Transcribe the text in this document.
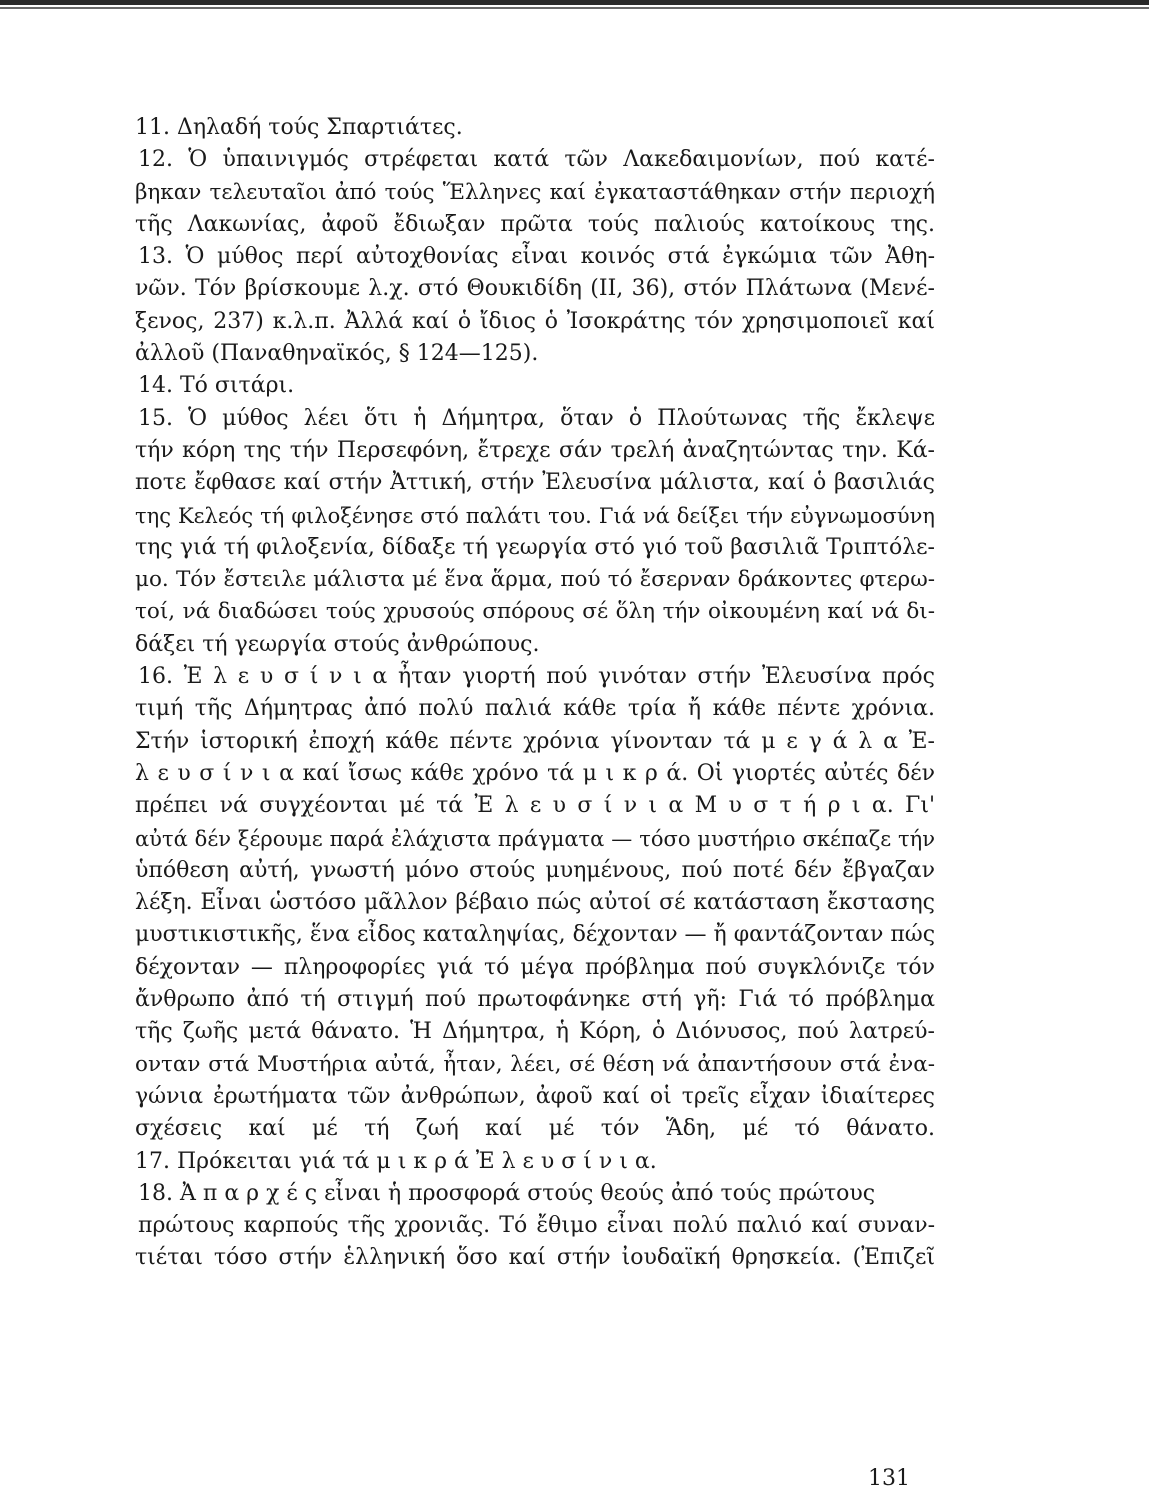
11. Δηλαδή τούς Σπαρτιάτες.
12. Ὁ ὑπαινιγμός στρέφεται κατά τῶν Λακεδαιμονίων, πού κατέ-
βηκαν τελευταῖοι ἀπό τούς Ἕλληνες καί ἐγκαταστάθηκαν στήν περιοχή
τῆς Λακωνίας, ἀφοῦ ἔδιωξαν πρῶτα τούς παλιούς κατοίκους της.
13. Ὁ μύθος περί αὐτοχθονίας εἶναι κοινός στά ἐγκώμια τῶν Ἀθη-
νῶν. Τόν βρίσκουμε λ.χ. στό Θουκιδίδη (II, 36), στόν Πλάτωνα (Μενέ-
ξενος, 237) κ.λ.π. Ἀλλά καί ὁ ἴδιος ὁ Ἰσοκράτης τόν χρησιμοποιεῖ καί
ἀλλοῦ (Παναθηναϊκός, § 124—125).
14. Τό σιτάρι.
15. Ὁ μύθος λέει ὅτι ἡ Δήμητρα, ὅταν ὁ Πλούτωνας τῆς ἔκλεψε
τήν κόρη της τήν Περσεφόνη, ἔτρεχε σάν τρελή ἀναζητώντας την. Κά-
ποτε ἔφθασε καί στήν Ἀττική, στήν Ἐλευσίνα μάλιστα, καί ὁ βασιλιάς
της Κελεός τή φιλοξένησε στό παλάτι του. Γιά νά δείξει τήν εὐγνωμοσύνη
της γιά τή φιλοξενία, δίδαξε τή γεωργία στό γιό τοῦ βασιλιᾶ Τριπτόλε-
μο. Τόν ἔστειλε μάλιστα μέ ἕνα ἅρμα, πού τό ἔσερναν δράκοντες φτερω-
τοί, νά διαδώσει τούς χρυσούς σπόρους σέ ὅλη τήν οἰκουμένη καί νά δι-
δάξει τή γεωργία στούς ἀνθρώπους.
16. Ἐ λ ε υ σ ί ν ι α ἦταν γιορτή πού γινόταν στήν Ἐλευσίνα πρός
τιμή τῆς Δήμητρας ἀπό πολύ παλιά κάθε τρία ἤ κάθε πέντε χρόνια.
Στήν ἱστορική ἐποχή κάθε πέντε χρόνια γίνονταν τά μ ε γ ά λ α Ἐ-
λ ε υ σ ί ν ι α καί ἴσως κάθε χρόνο τά μ ι κ ρ ά. Οἱ γιορτές αὐτές δέν
πρέπει νά συγχέονται μέ τά Ἐ λ ε υ σ ί ν ι α Μ υ σ τ ή ρ ι α. Γι'
αὐτά δέν ξέρουμε παρά ἐλάχιστα πράγματα — τόσο μυστήριο σκέπαζε τήν
ὑπόθεση αὐτή, γνωστή μόνο στούς μυημένους, πού ποτέ δέν ἔβγαζαν
λέξη. Εἶναι ὡστόσο μᾶλλον βέβαιο πώς αὐτοί σέ κατάσταση ἔκστασης
μυστικιστικῆς, ἕνα εἶδος καταληψίας, δέχονταν — ἤ φαντάζονταν πώς
δέχονταν — πληροφορίες γιά τό μέγα πρόβλημα πού συγκλόνιζε τόν
ἄνθρωπο ἀπό τή στιγμή πού πρωτοφάνηκε στή γῆ: Γιά τό πρόβλημα
τῆς ζωῆς μετά θάνατο. Ἡ Δήμητρα, ἡ Κόρη, ὁ Διόνυσος, πού λατρεύ-
ονταν στά Μυστήρια αὐτά, ἦταν, λέει, σέ θέση νά ἀπαντήσουν στά ἐνα-
γώνια ἐρωτήματα τῶν ἀνθρώπων, ἀφοῦ καί οἱ τρεῖς εἶχαν ἰδιαίτερες
σχέσεις καί μέ τή ζωή καί μέ τόν Ἅδη, μέ τό θάνατο.
17. Πρόκειται γιά τά μ ι κ ρ ά Ἐ λ ε υ σ ί ν ι α.
18. Ἀ π α ρ χ έ ς εἶναι ἡ προσφορά στούς θεούς ἀπό τούς πρώτους
πρώτους καρπούς τῆς χρονιᾶς. Τό ἔθιμο εἶναι πολύ παλιό καί συναν-
τιέται τόσο στήν ἑλληνική ὅσο καί στήν ἰουδαϊκή θρησκεία. (Ἐπιζεῖ
131
